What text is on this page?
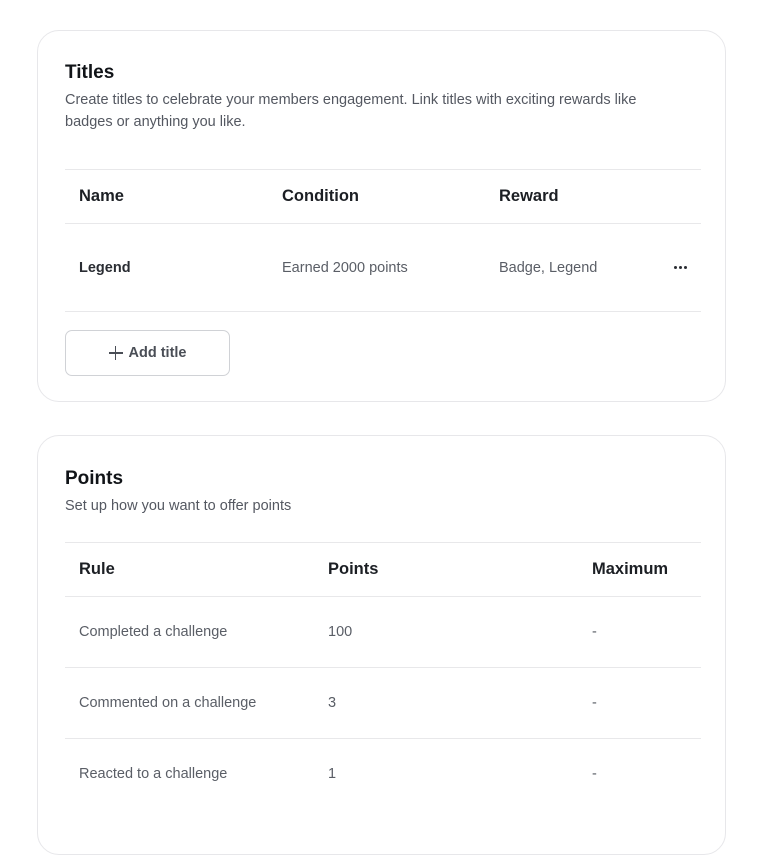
Titles

Create titles to celebrate your members engagement. Link titles with exciting rewards like badges or anything you like.

Name	Condition	Reward
Legend	Earned 2000 points	Badge, Legend
Add title
Points

Set up how you want to offer points

Rule	Points	Maximum
Completed a challenge	100	-
Commented on a challenge	3	-
Reacted to a challenge	1	-
